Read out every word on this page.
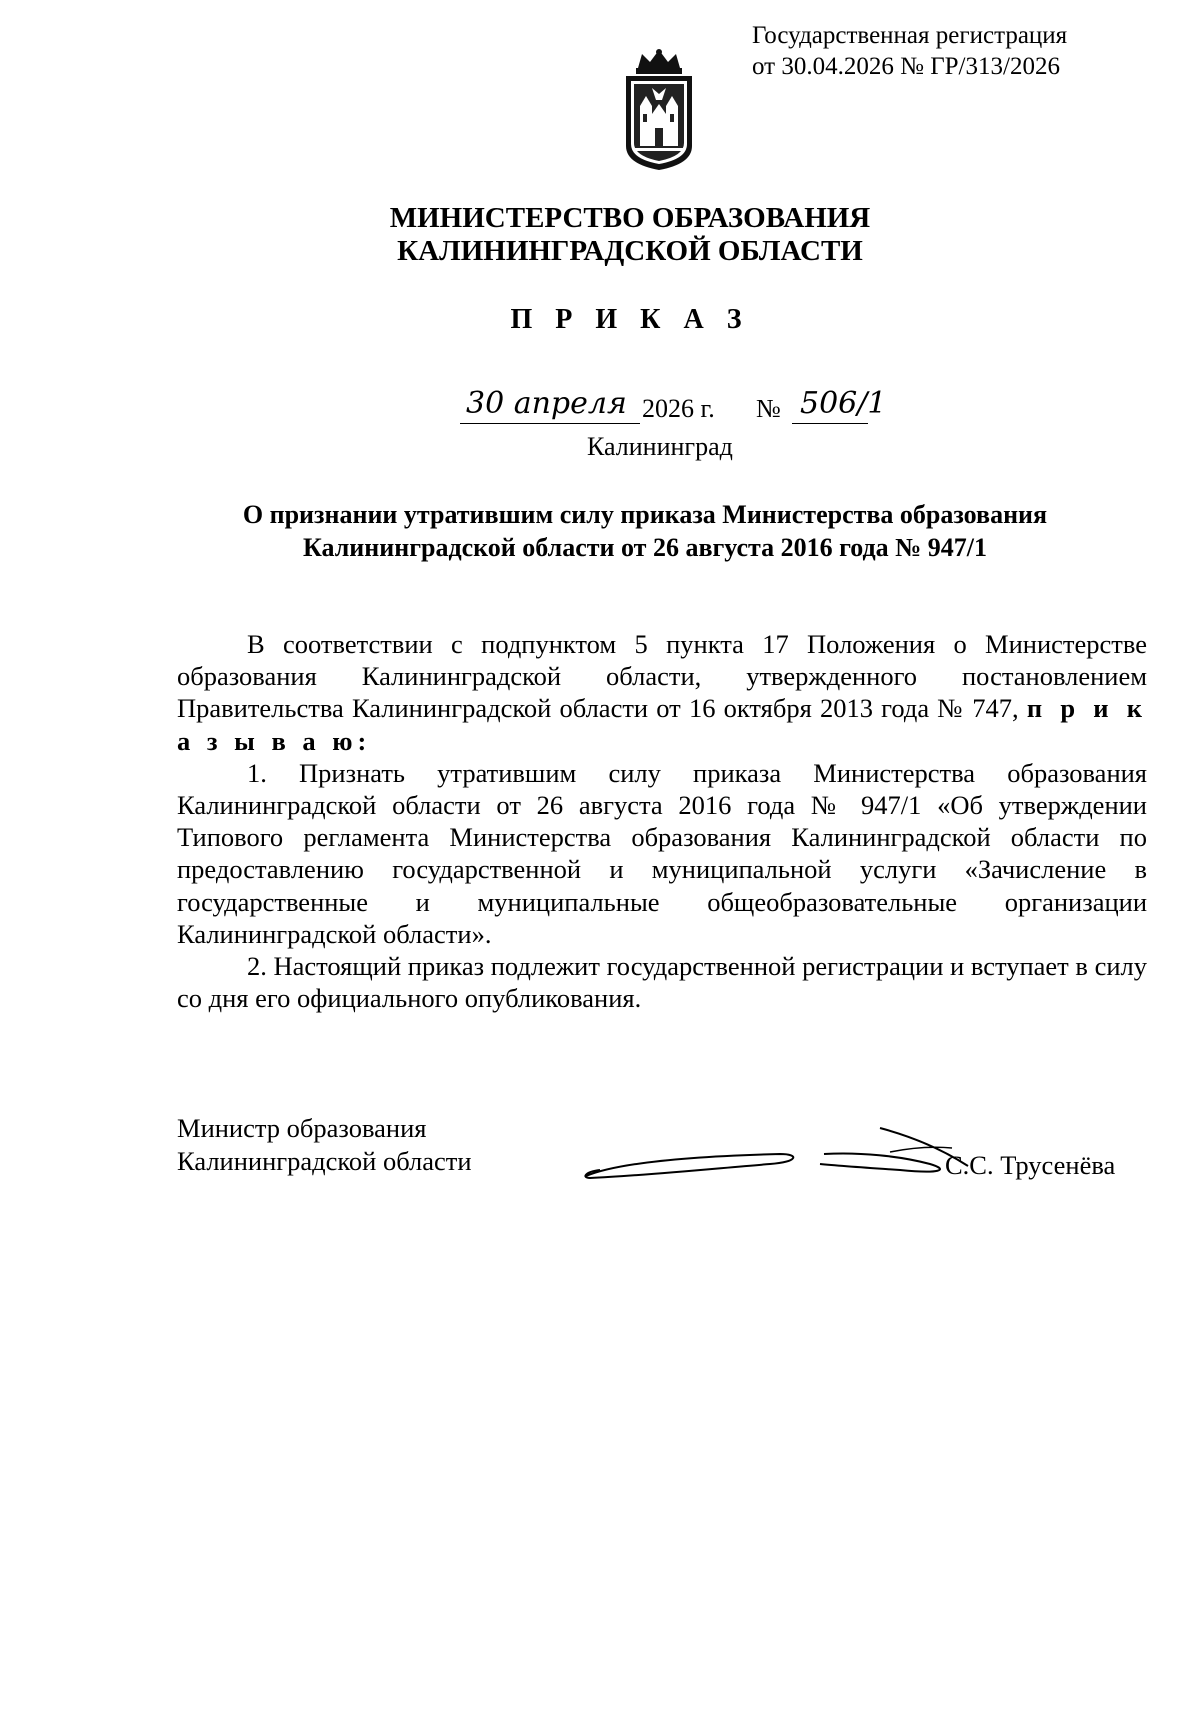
Государственная регистрация
от 30.04.2026 № ГР/313/2026
МИНИСТЕРСТВО ОБРАЗОВАНИЯ
КАЛИНИНГРАДСКОЙ ОБЛАСТИ
П Р И К А З
30 апреля 2026 г. № 506/1
Калининград
О признании утратившим силу приказа Министерства образования
Калининградской области от 26 августа 2016 года № 947/1

В соответствии с подпунктом 5 пункта 17 Положения о Министерстве образования Калининградской области, утвержденного постановлением Правительства Калининградской области от 16 октября 2013 года № 747, п р и к а з ы в а ю:

1. Признать утратившим силу приказа Министерства образования Калининградской области от 26 августа 2016 года № 947/1 «Об утверждении Типового регламента Министерства образования Калининградской области по предоставлению государственной и муниципальной услуги «Зачисление в государственные и муниципальные общеобразовательные организации Калининградской области».

2. Настоящий приказ подлежит государственной регистрации и вступает в силу со дня его официального опубликования.

Министр образования
Калининградской области	С.С. Трусенёва
